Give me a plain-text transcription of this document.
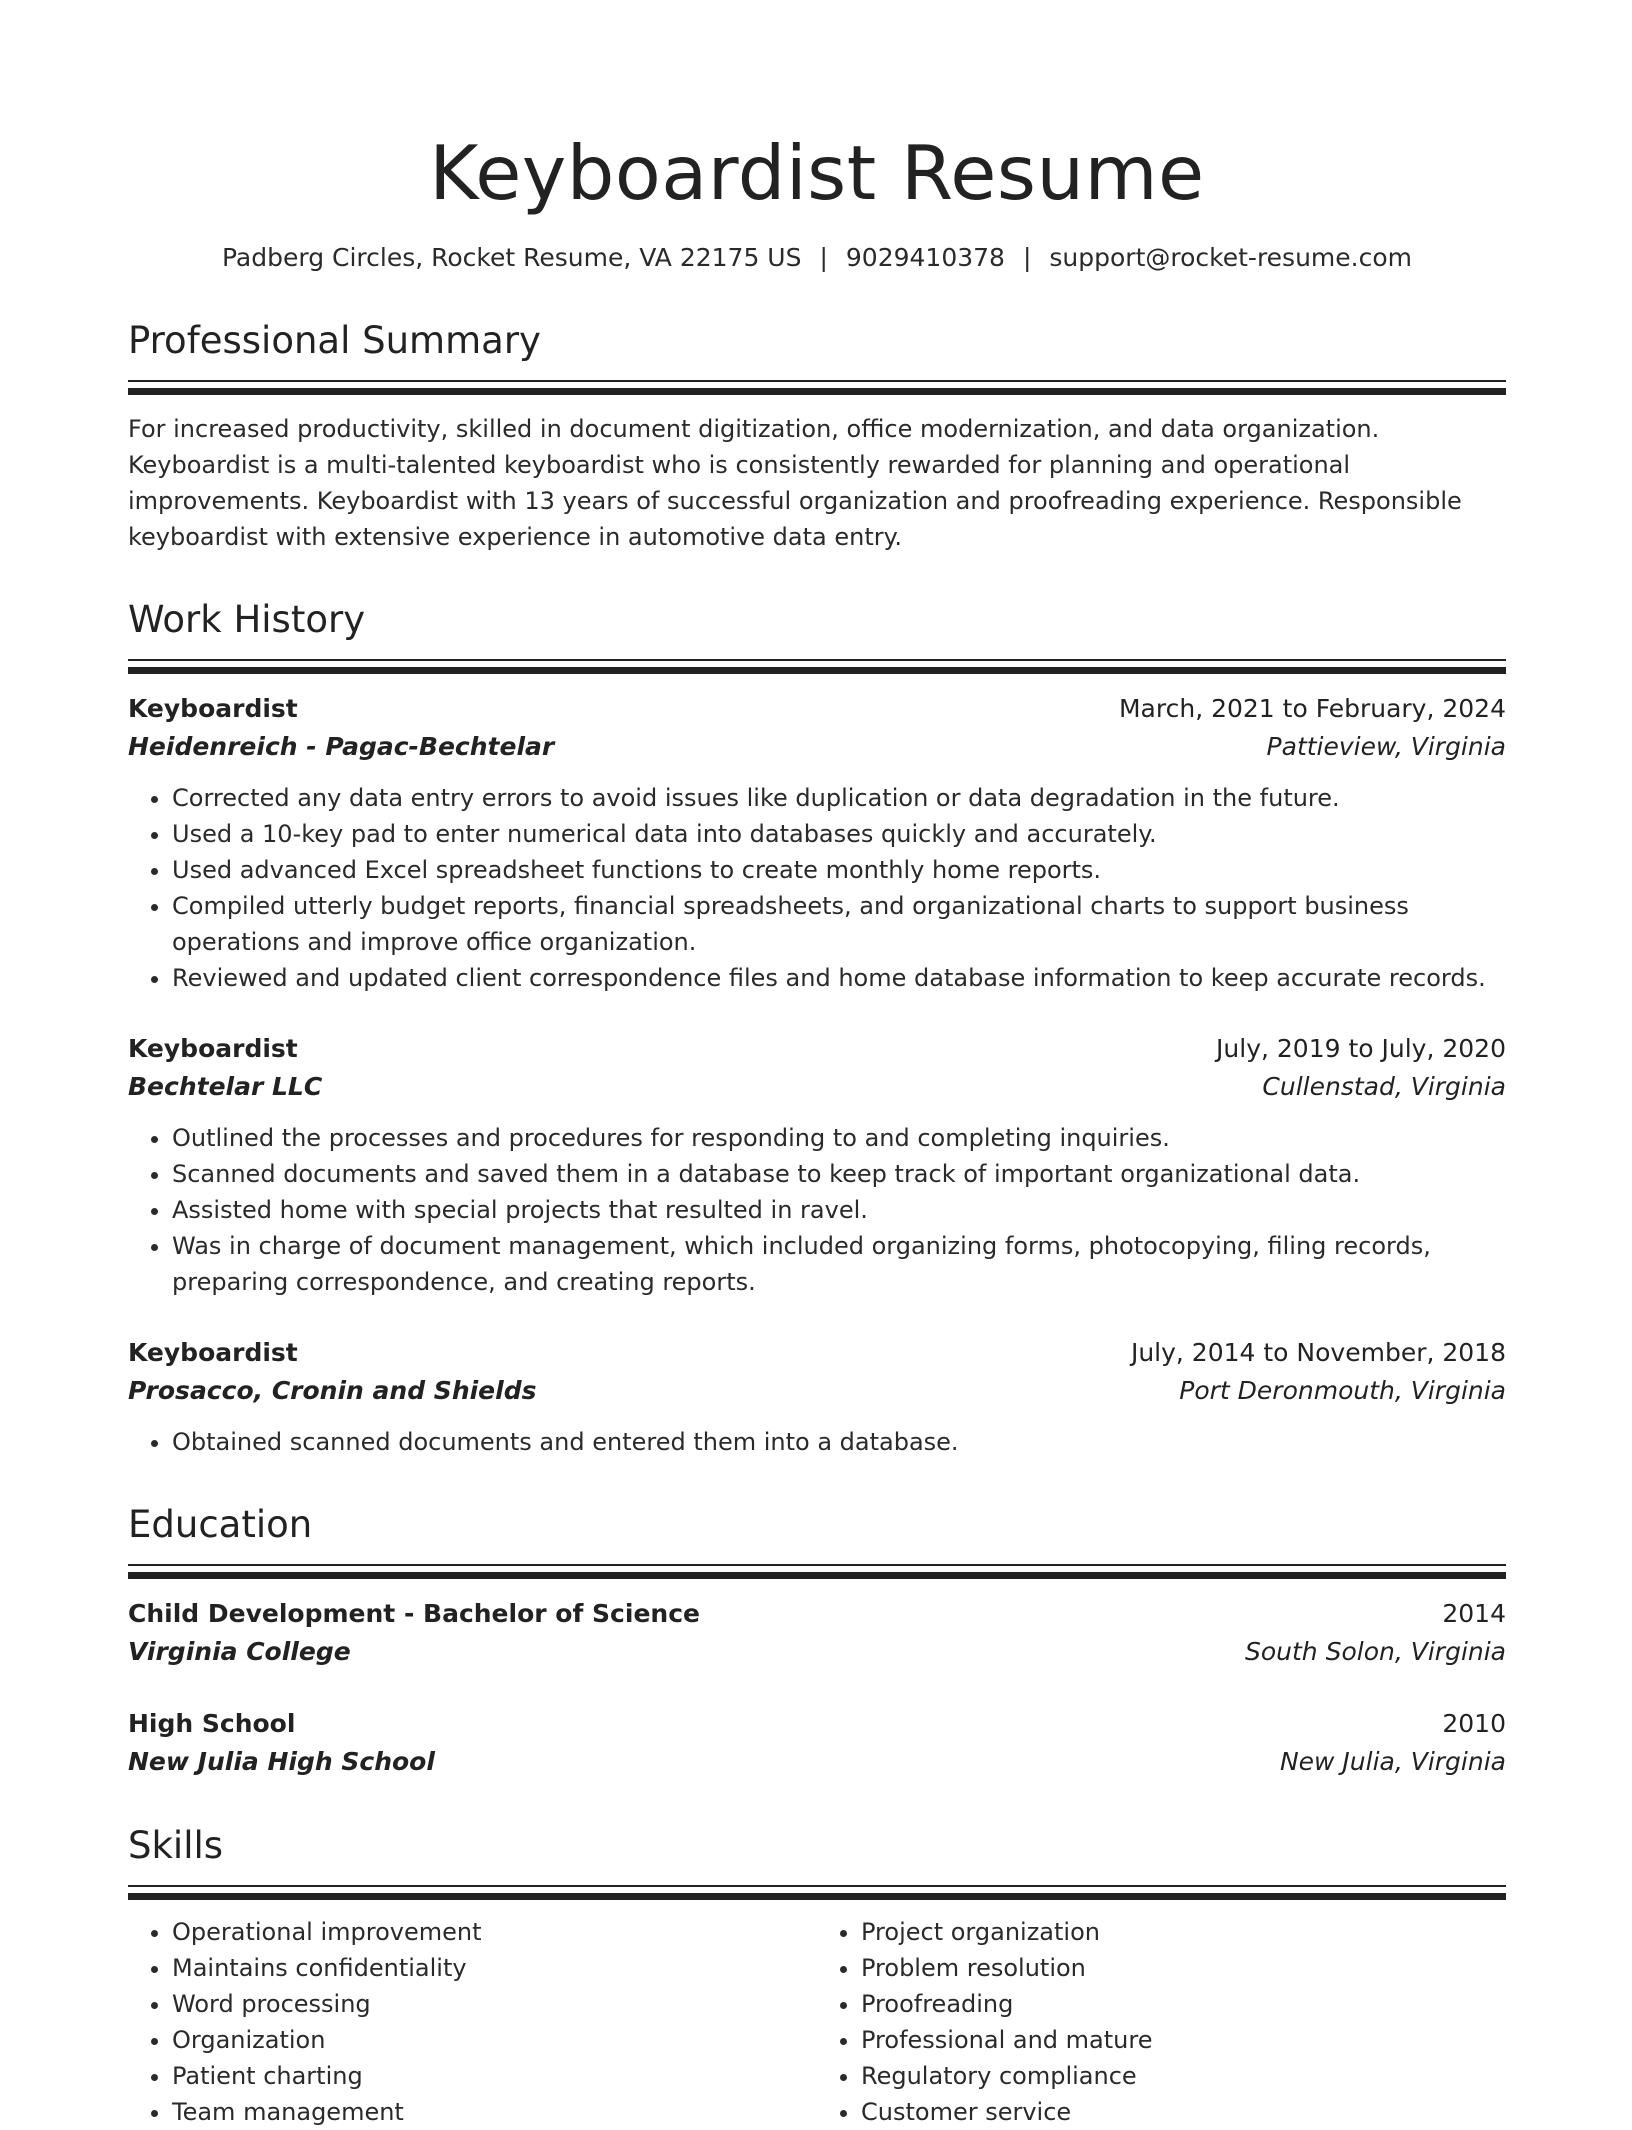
Keyboardist Resume
Padberg Circles, Rocket Resume, VA 22175 US | 9029410378 | support@rocket-resume.com
Professional Summary
For increased productivity, skilled in document digitization, office modernization, and data organization. Keyboardist is a multi-talented keyboardist who is consistently rewarded for planning and operational improvements. Keyboardist with 13 years of successful organization and proofreading experience. Responsible keyboardist with extensive experience in automotive data entry.
Work History
Keyboardist	March, 2021 to February, 2024
Heidenreich - Pagac-Bechtelar	Pattieview, Virginia
• Corrected any data entry errors to avoid issues like duplication or data degradation in the future.
• Used a 10-key pad to enter numerical data into databases quickly and accurately.
• Used advanced Excel spreadsheet functions to create monthly home reports.
• Compiled utterly budget reports, financial spreadsheets, and organizational charts to support business operations and improve office organization.
• Reviewed and updated client correspondence files and home database information to keep accurate records.
Keyboardist	July, 2019 to July, 2020
Bechtelar LLC	Cullenstad, Virginia
• Outlined the processes and procedures for responding to and completing inquiries.
• Scanned documents and saved them in a database to keep track of important organizational data.
• Assisted home with special projects that resulted in ravel.
• Was in charge of document management, which included organizing forms, photocopying, filing records, preparing correspondence, and creating reports.
Keyboardist	July, 2014 to November, 2018
Prosacco, Cronin and Shields	Port Deronmouth, Virginia
• Obtained scanned documents and entered them into a database.
Education
Child Development - Bachelor of Science	2014
Virginia College	South Solon, Virginia
High School	2010
New Julia High School	New Julia, Virginia
Skills
• Operational improvement
• Maintains confidentiality
• Word processing
• Organization
• Patient charting
• Team management
• Project organization
• Problem resolution
• Proofreading
• Professional and mature
• Regulatory compliance
• Customer service
